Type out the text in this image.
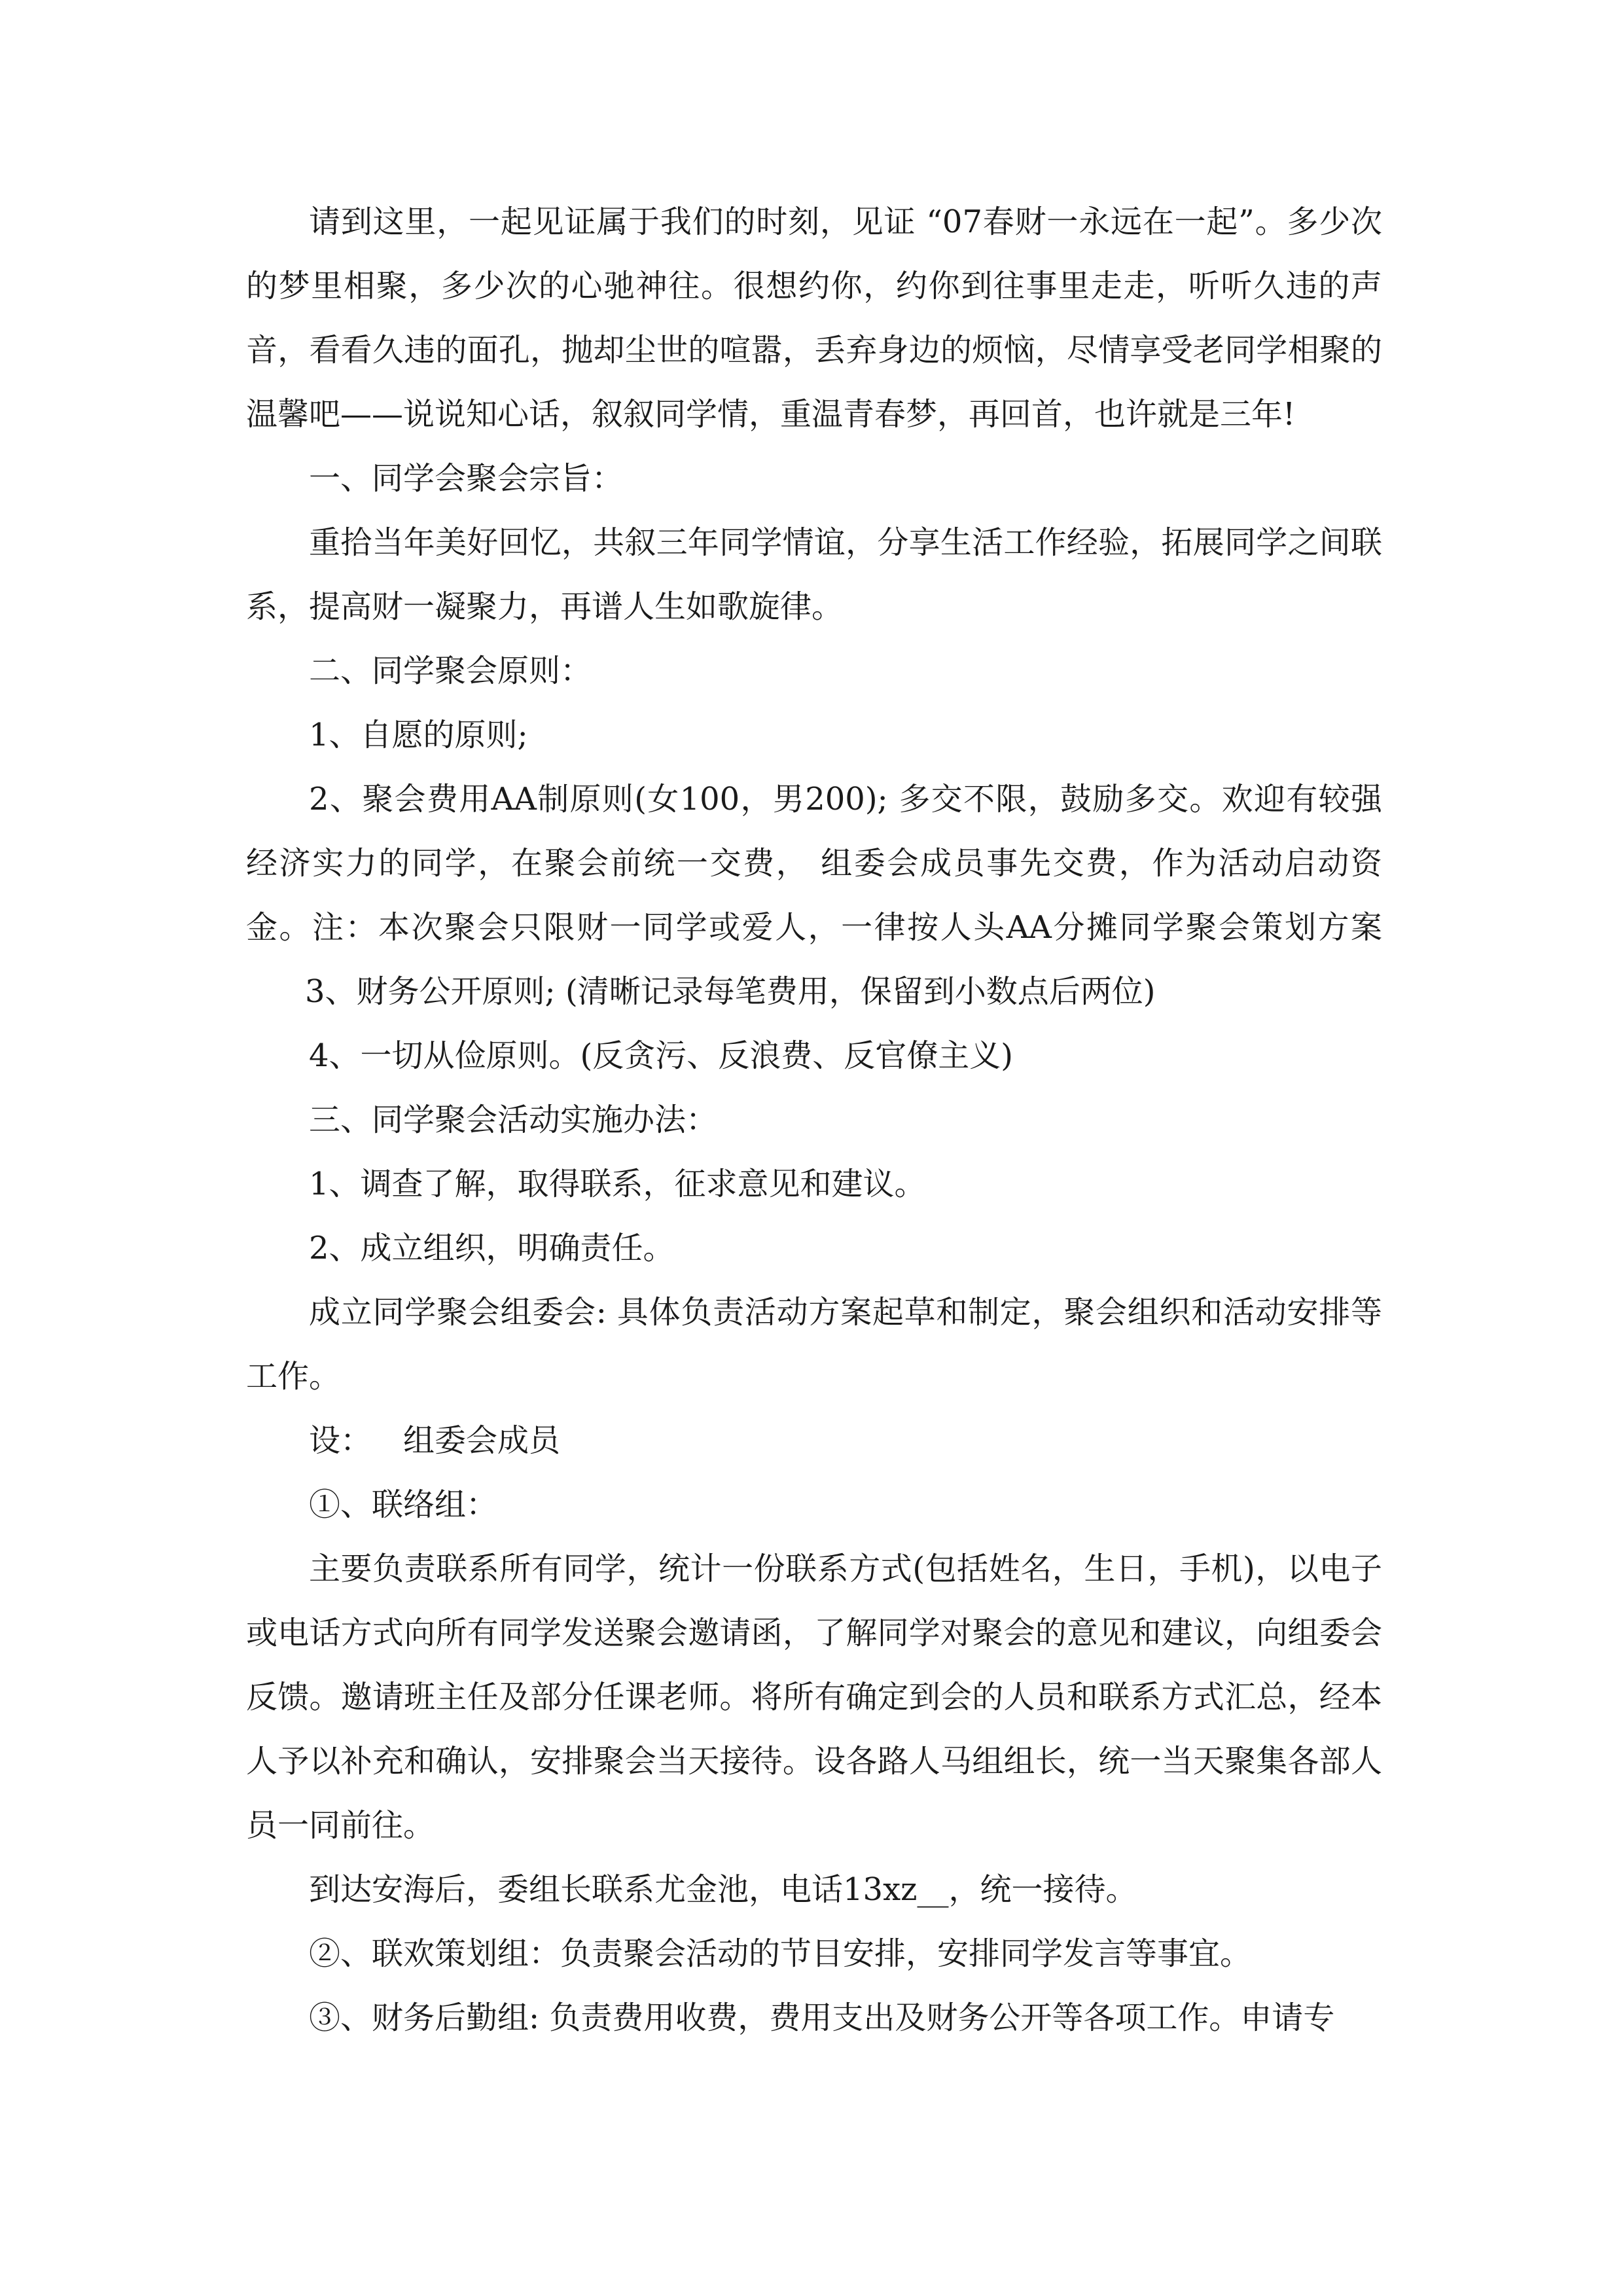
请到这里，一起见证属于我们的时刻，见证 “07春财一永远在一起”。多少次的梦里相聚，多少次的心驰神往。很想约你，约你到往事里走走，听听久违的声音，看看久违的面孔，抛却尘世的喧嚣，丢弃身边的烦恼，尽情享受老同学相聚的温馨吧——说说知心话，叙叙同学情，重温青春梦，再回首，也许就是三年!

一、同学会聚会宗旨：

重拾当年美好回忆，共叙三年同学情谊，分享生活工作经验，拓展同学之间联系，提高财一凝聚力，再谱人生如歌旋律。

二、同学聚会原则：

1、自愿的原则;

2、聚会费用AA制原则(女100，男200); 多交不限，鼓励多交。欢迎有较强经济实力的同学，在聚会前统一交费， 组委会成员事先交费，作为活动启动资金。注：本次聚会只限财一同学或爱人，一律按人头AA分摊同学聚会策划方案3、财务公开原则; (清晰记录每笔费用，保留到小数点后两位)

4、一切从俭原则。(反贪污、反浪费、反官僚主义)

三、同学聚会活动实施办法：

1、调查了解，取得联系，征求意见和建议。

2、成立组织，明确责任。

成立同学聚会组委会: 具体负责活动方案起草和制定，聚会组织和活动安排等工作。

设： 组委会成员

①、联络组：

主要负责联系所有同学，统计一份联系方式(包括姓名，生日，手机)，以电子或电话方式向所有同学发送聚会邀请函，了解同学对聚会的意见和建议，向组委会反馈。邀请班主任及部分任课老师。将所有确定到会的人员和联系方式汇总，经本人予以补充和确认，安排聚会当天接待。设各路人马组组长，统一当天聚集各部人员一同前往。

到达安海后，委组长联系尤金池，电话13xz__，统一接待。

②、联欢策划组：负责聚会活动的节目安排，安排同学发言等事宜。

③、财务后勤组: 负责费用收费，费用支出及财务公开等各项工作。申请专
